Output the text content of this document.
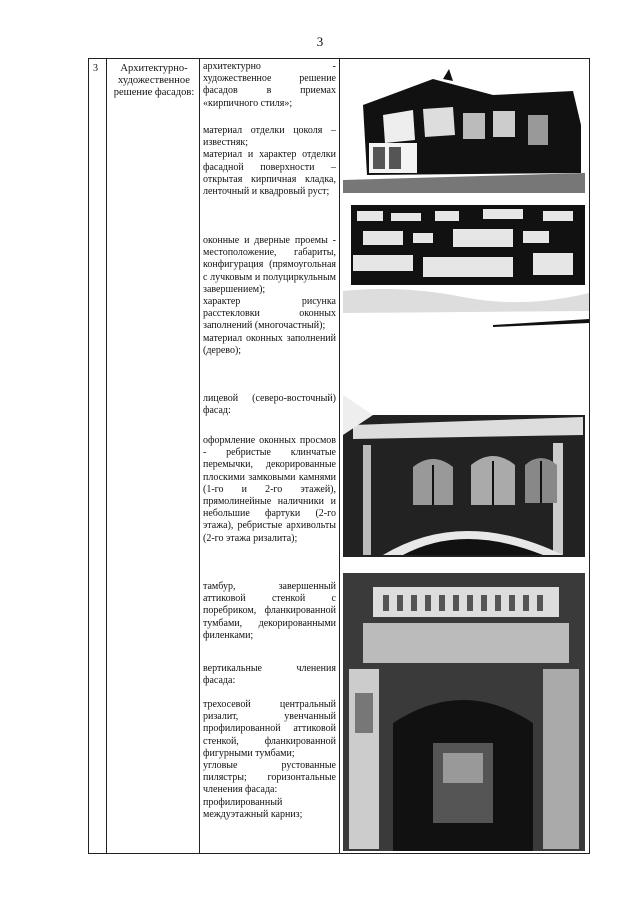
3
3	Архитектурно-художественное решение фасадов:

архитектурно - художественное решение фасадов в приемах «кирпичного стиля»;

материал отделки цоколя – известняк;

материал и характер отделки фасадной поверхности – открытая кирпичная кладка, ленточный и квадровый руст;

оконные и дверные проемы - местоположение, габариты, конфигурация (прямоугольная с лучковым и полуциркульным завершением);

характер рисунка расстекловки оконных заполнений (многочастный);

материал оконных заполнений (дерево);

лицевой (северо-восточный) фасад:

оформление оконных просмов - ребристые клинчатые перемычки, декорированные плоскими замковыми камнями (1-го и 2-го этажей), прямолинейные наличники и небольшие фартуки (2-го этажа), ребристые архивольты (2-го этажа ризалита);

тамбур, завершенный аттиковой стенкой с поребриком, фланкированной тумбами, декорированными филенками;

вертикальные членения фасада:

трехосевой центральный ризалит, увенчанный профилированной аттиковой стенкой, фланкированной фигурными тумбами;

угловые рустованные пилястры; горизонтальные членения фасада:

профилированный междуэтажный карниз;
